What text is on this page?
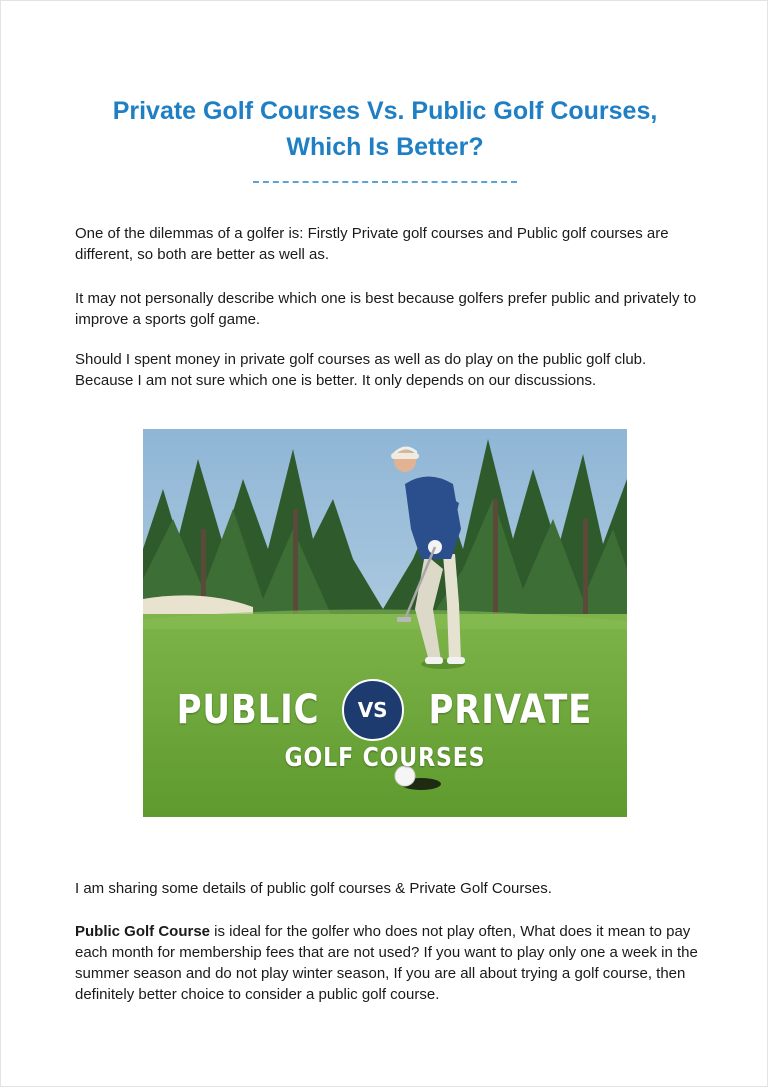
Private Golf Courses Vs. Public Golf Courses,
Which Is Better?

One of the dilemmas of a golfer is: Firstly Private golf courses and Public golf courses are different, so both are better as well as.

It may not personally describe which one is best because golfers prefer public and privately to improve a sports golf game.

Should I spent money in private golf courses as well as do play on the public golf club. Because I am not sure which one is better. It only depends on our discussions.

PUBLIC	VS	PRIVATE
GOLF COURSES

I am sharing some details of public golf courses & Private Golf Courses.

Public Golf Course is ideal for the golfer who does not play often, What does it mean to pay each month for membership fees that are not used? If you want to play only one a week in the summer season and do not play winter season, If you are all about trying a golf course, then definitely better choice to consider a public golf course.
